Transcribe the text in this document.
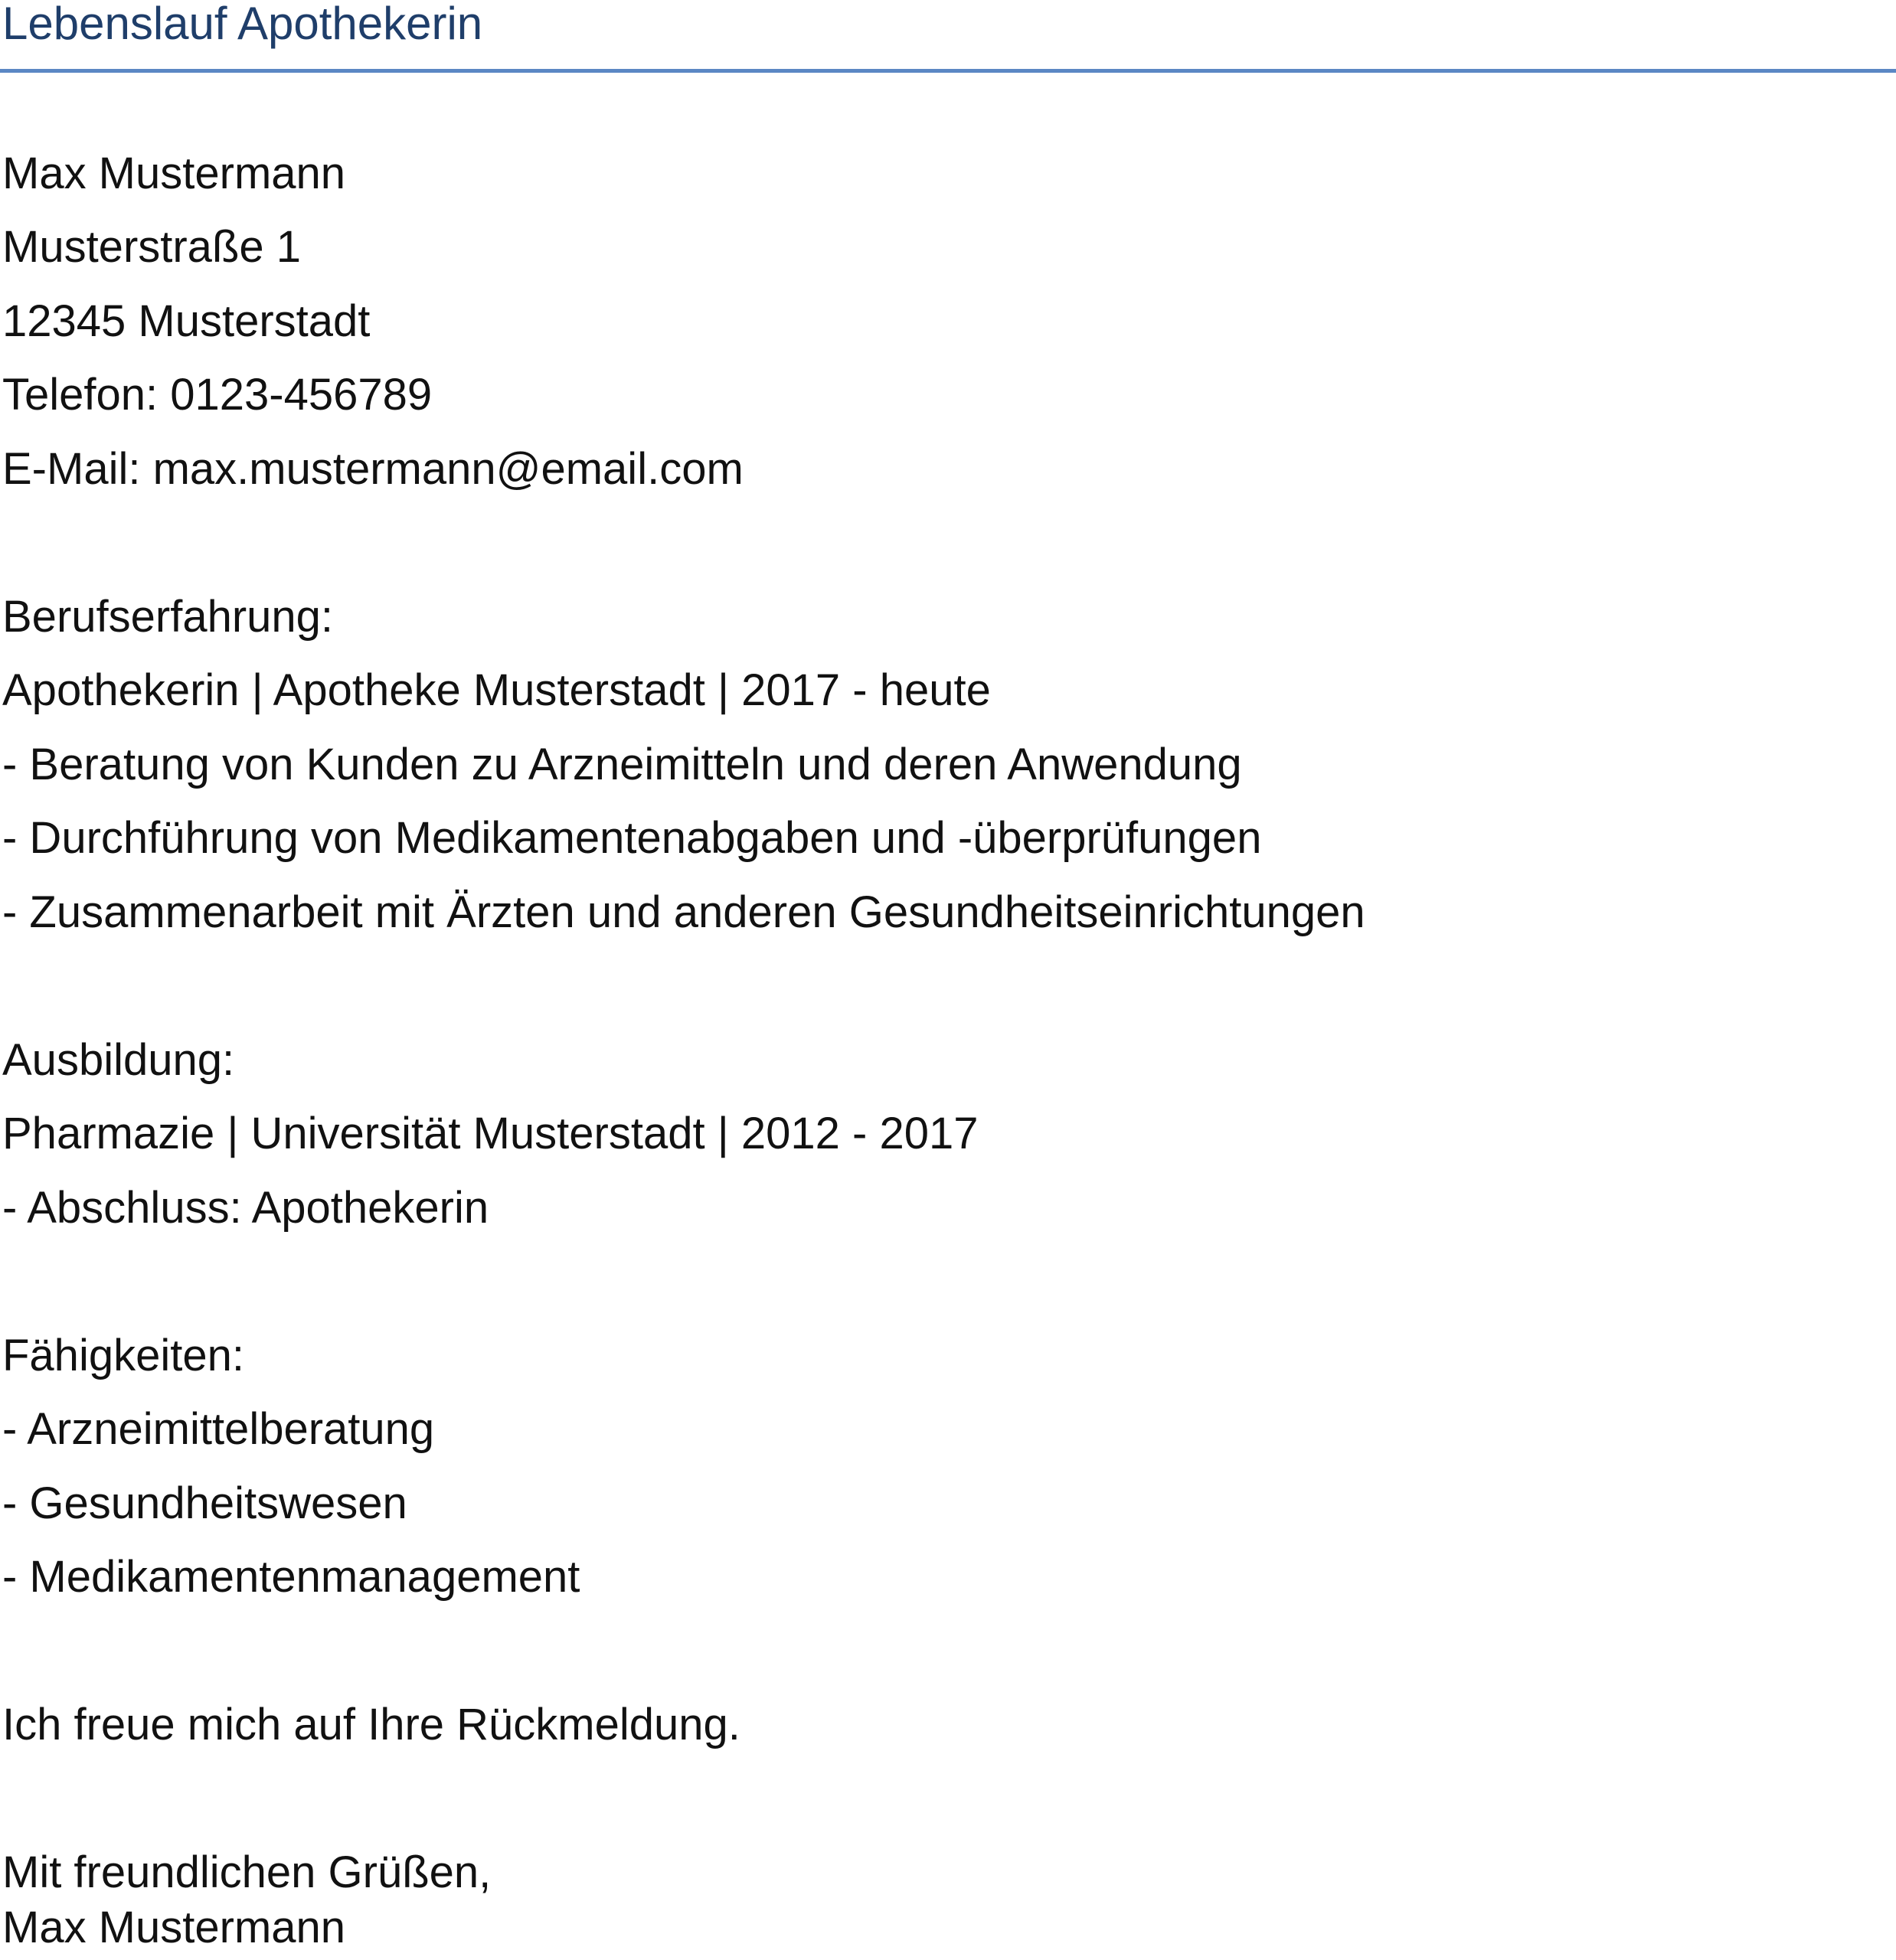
Lebenslauf Apothekerin
Max Mustermann
Musterstraße 1
12345 Musterstadt
Telefon: 0123-456789
E-Mail: max.mustermann@email.com
Berufserfahrung:
Apothekerin | Apotheke Musterstadt | 2017 - heute
- Beratung von Kunden zu Arzneimitteln und deren Anwendung
- Durchführung von Medikamentenabgaben und -überprüfungen
- Zusammenarbeit mit Ärzten und anderen Gesundheitseinrichtungen
Ausbildung:
Pharmazie | Universität Musterstadt | 2012 - 2017
- Abschluss: Apothekerin
Fähigkeiten:
- Arzneimittelberatung
- Gesundheitswesen
- Medikamentenmanagement
Ich freue mich auf Ihre Rückmeldung.
Mit freundlichen Grüßen,
Max Mustermann
